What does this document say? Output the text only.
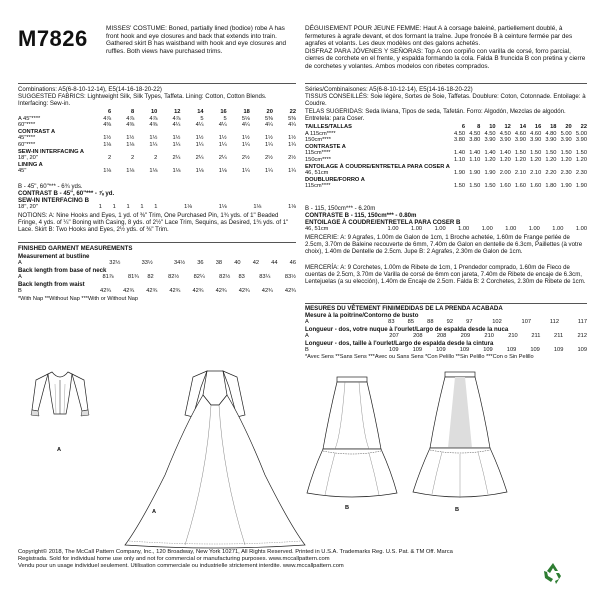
M7826	MISSES' COSTUME: Boned, partially lined (bodice) robe A has front hook and eye closures and back that extends into train. Gathered skirt B has waistband with hook and eye closures and ruffles. Both views have purchased trims.
DÉGUISEMENT POUR JEUNE FEMME: Haut A à corsage baleiné, partiellement doublé, à fermetures à agrafe devant, et dos formant la traîne. Jupe froncée B à ceinture fermée par des agrafes et volants. Les deux modèles ont des galons achetés.
DISFRAZ PARA JÓVENES Y SEÑORAS: Top A con corpiño con varilla de corsé, forro parcial, cierres de corchete en el frente, y espalda formando la cola. Falda B fruncida B con pretina y cierre de corchetes y volantes. Ambos modelos con ribetes comprados.
Combinations: A5(6-8-10-12-14), E5(14-16-18-20-22)
SUGGESTED FABRICS: Lightweight Silk, Silk Types, Taffeta. Lining: Cotton, Cotton Blends. Interfacing: Sew-in.
	6	8	10	12	14	16	18	20	22
A 45"****	4⅞	4⅞	4⅞	4⅞	5	5	5⅛	5⅜	5⅜
60"****	4⅜	4⅜	4⅜	4¼	4¼	4¼	4¼	4¼	4¼
CONTRAST A									
45"****	1½	1½	1½	1½	1½	1½	1½	1½	1½
60"****	1⅛	1⅛	1¼	1¼	1¼	1¼	1¼	1¼	1¼
SEW-IN INTERFACING A									
18", 20"	2	2	2	2¼	2¼	2¼	2½	2½	2½
LINING A									
45"	1⅛	1⅛	1⅛	1⅛	1⅛	1⅛	1¼	1¼	1¼
B - 45", 60"*** - 6¾ yds.
CONTRAST B - 45", 60"*** - ⅞ yd.
SEW-IN INTERFACING B
18", 20"	1	1	1	1	1	1⅛	1⅛	1⅛	1⅛
NOTIONS: A: Nine Hooks and Eyes, 1 yd. of ⅜" Trim, One Purchased Pin, 1¾ yds. of 1" Beaded Fringe, 4 yds. of ¼" Boning with Casing, 8 yds. of 2½" Lace Trim, Sequins, as Desired, 1¾ yds. of 1" Lace. Skirt B: Two Hooks and Eyes, 2½ yds. of ⅜" Trim.
FINISHED GARMENT MEASUREMENTS
Measurement at bustline
A	32½	33½	34½	36	38	40	42	44	46
Back length from base of neck
A	81⅞	81¾	82	82½	82¼	82½	83	83¼	83½
Back length from waist
B	42¾	42¾	42¾	42¾	42¾	42¾	42¾	42¾	42¾
*With Nap **Without Nap ***With or Without Nap
Séries/Combinaisones: A5(6-8-10-12-14), E5(14-16-18-20-22)
TISSUS CONSEILLÉS: Soie légère, Sortes de Soie, Taffetas. Doublure: Coton, Cotonnade. Entoilage: à Coudre.
TELAS SUGERIDAS: Seda liviana, Tipos de seda, Tafetán. Forro: Algodón, Mezclas de algodón. Entretela: para Coser.
TAILLES/TALLAS	6	8	10	12	14	16	18	20	22
A 115cm****	4.50	4.50	4.50	4.50	4.60	4.60	4.80	5.00	5.00
150cm****	3.80	3.80	3.90	3.90	3.90	3.90	3.90	3.90	3.90
CONTRASTE A									
115cm****	1.40	1.40	1.40	1.40	1.50	1.50	1.50	1.50	1.50
150cm****	1.10	1.10	1.20	1.20	1.20	1.20	1.20	1.20	1.20
ENTOILAGE À COUDRE/ENTRETELA PARA COSER A									
46, 51cm	1.90	1.90	1.90	2.00	2.10	2.10	2.20	2.30	2.30
DOUBLURE/FORRO A									
115cm****	1.50	1.50	1.50	1.60	1.60	1.60	1.80	1.90	1.90
B - 115, 150cm*** - 6.20m
CONTRASTE B - 115, 150cm*** - 0.80m
ENTOILAGE À COUDRE/ENTRETELA PARA COSER B
46, 51cm	1.00	1.00	1.00	1.00	1.00	1.00	1.00	1.00	1.00
MERCERIE: A: 9 Agrafes, 1.00m de Galon de 1cm, 1 Broche achetée, 1.60m de Frange perlée de 2.5cm, 3.70m de Baleine recouverte de 6mm, 7.40m de Galon en dentelle de 6.3cm, Paillettes (à votre choix), 1.40m de Dentelle de 2.5cm. Jupe B: 2 Agrafes, 2.30m de Galon de 1cm.
MERCERÍA: A: 9 Corchetes, 1.00m de Ribete de 1cm, 1 Prendedor comprado, 1.60m de Fleco de cuentas de 2.5cm, 3.70m de Varilla de corsé de 6mm con jareta, 7.40m de Ribete de encaje de 6.3cm, Lentejuelas (a su elección), 1.40m de Encaje de 2.5cm. Falda B: 2 Corchetes, 2.30m de Ribete de 1cm.
MESURES DU VÊTEMENT FINI/MEDIDAS DE LA PRENDA ACABADA
Mesure à la poitrine/Contorno de busto
A	83	85	88	92	97	102	107	112	117
Longueur - dos, votre nuque à l'ourlet/Largo de espalda desde la nuca
A	207	208	208	209	210	210	211	211	212
Longueur - dos, taille à l'ourlet/Largo de espalda desde la cintura
B	109	109	109	109	109	109	109	109	109
*Avec Sens **Sans Sens ***Avec ou Sans Sens *Con Pelillo **Sin Pelillo ***Con o Sin Pelillo
A
A
B	B
Copyright© 2018, The McCall Pattern Company, Inc., 120 Broadway, New York 10271, All Rights Reserved. Printed in U.S.A. Trademarks Reg. U.S. Pat. & TM Off. Marca
Registrada. Sold for individual home use only and not for commercial or manufacturing purposes. www.mccallpattern.com
Vendu pour un usage individuel seulement. Utilisation commerciale ou industrielle strictement interdite. www.mccallpattern.com
